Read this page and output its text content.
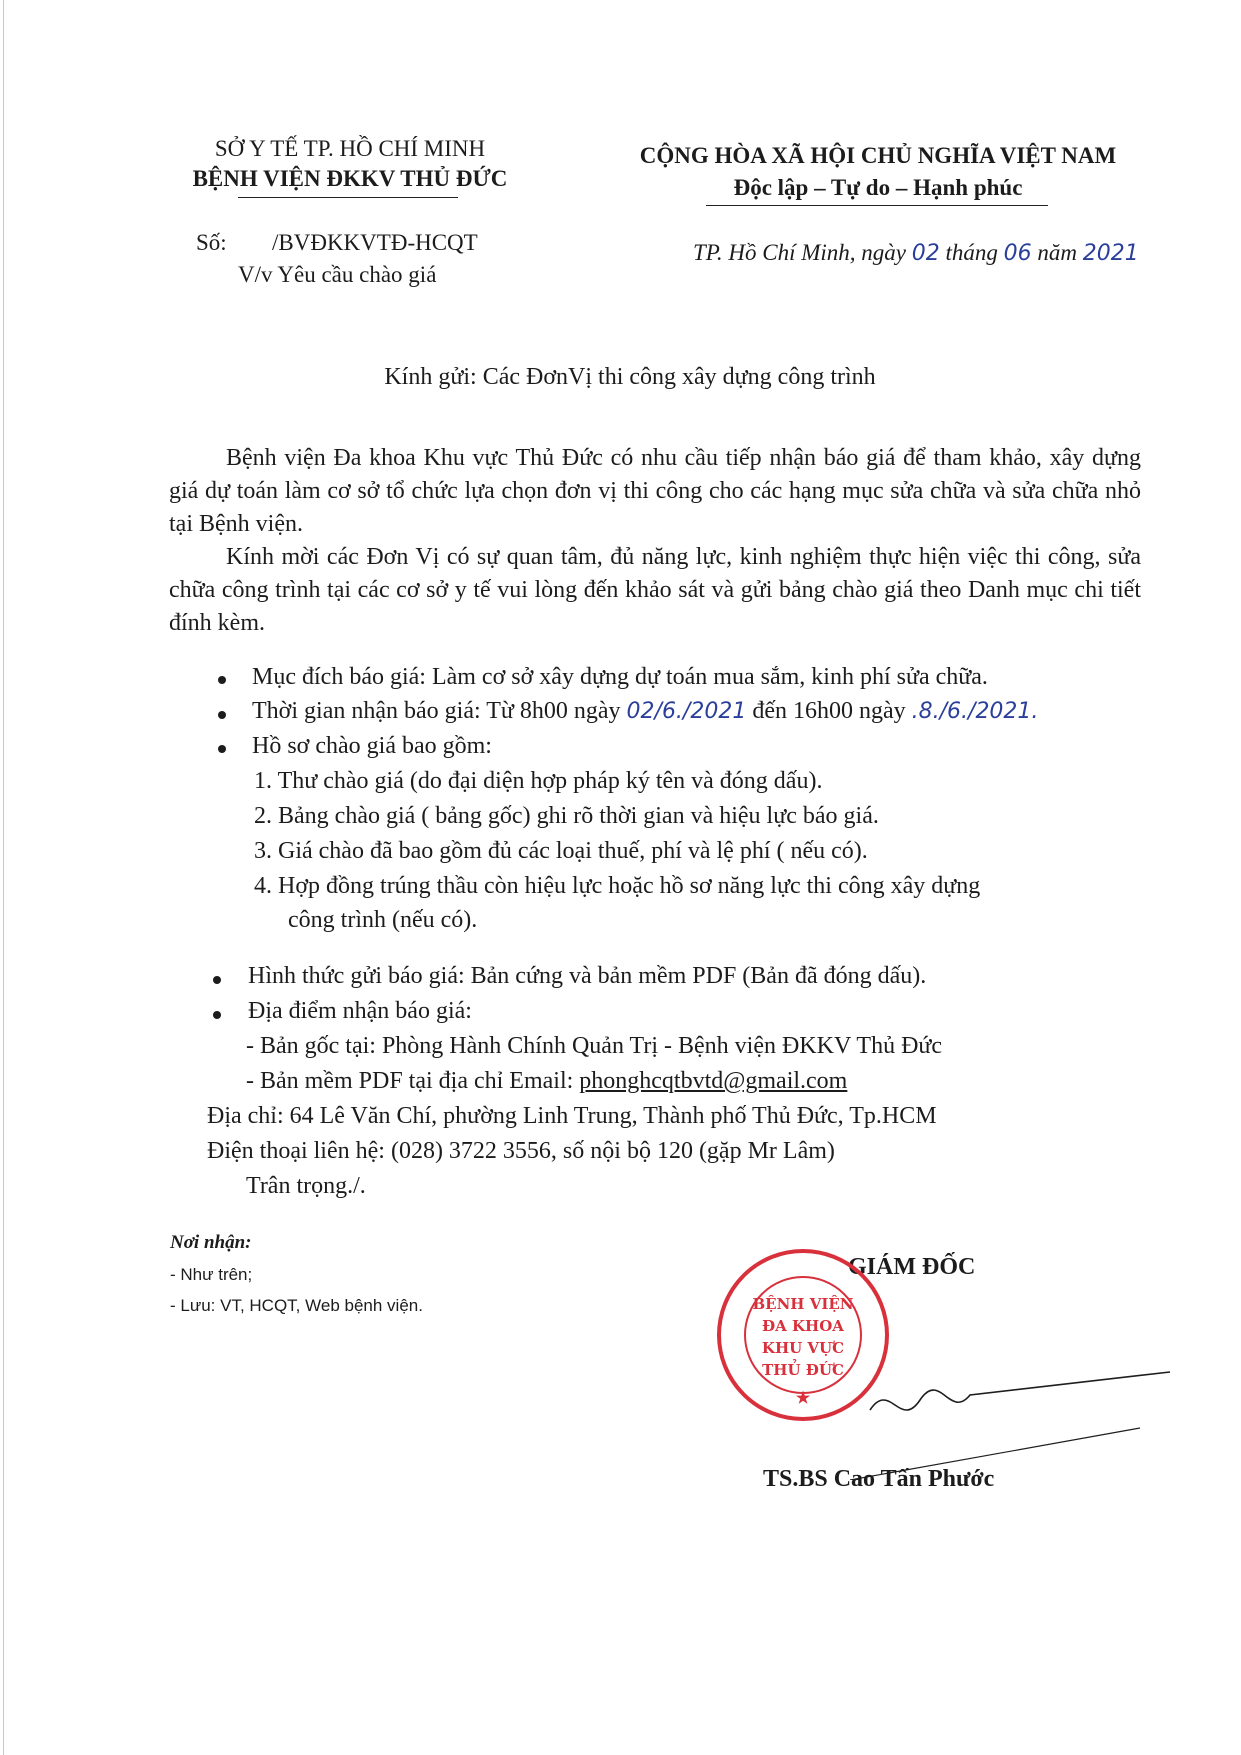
SỞ Y TẾ TP. HỒ CHÍ MINH
BỆNH VIỆN ĐKKV THỦ ĐỨC
Số: /BVĐKKVTĐ-HCQT
V/v Yêu cầu chào giá
CỘNG HÒA XÃ HỘI CHỦ NGHĨA VIỆT NAM
Độc lập – Tự do – Hạnh phúc
TP. Hồ Chí Minh, ngày 02 tháng 06 năm 2021
Kính gửi: Các ĐơnVị thi công xây dựng công trình
Bệnh viện Đa khoa Khu vực Thủ Đức có nhu cầu tiếp nhận báo giá để tham khảo, xây dựng giá dự toán làm cơ sở tổ chức lựa chọn đơn vị thi công cho các hạng mục sửa chữa và sửa chữa nhỏ tại Bệnh viện.
Kính mời các Đơn Vị có sự quan tâm, đủ năng lực, kinh nghiệm thực hiện việc thi công, sửa chữa công trình tại các cơ sở y tế vui lòng đến khảo sát và gửi bảng chào giá theo Danh mục chi tiết đính kèm.
Mục đích báo giá: Làm cơ sở xây dựng dự toán mua sắm, kinh phí sửa chữa.
Thời gian nhận báo giá: Từ 8h00 ngày 02/6./2021 đến 16h00 ngày .8./6./2021.
Hồ sơ chào giá bao gồm:
1. Thư chào giá (do đại diện hợp pháp ký tên và đóng dấu).
2. Bảng chào giá ( bảng gốc) ghi rõ thời gian và hiệu lực báo giá.
3. Giá chào đã bao gồm đủ các loại thuế, phí và lệ phí ( nếu có).
4. Hợp đồng trúng thầu còn hiệu lực hoặc hồ sơ năng lực thi công xây dựng
công trình (nếu có).
Hình thức gửi báo giá: Bản cứng và bản mềm PDF (Bản đã đóng dấu).
Địa điểm nhận báo giá:
- Bản gốc tại: Phòng Hành Chính Quản Trị - Bệnh viện ĐKKV Thủ Đức
- Bản mềm PDF tại địa chỉ Email: phonghcqtbvtd@gmail.com
Địa chỉ: 64 Lê Văn Chí, phường Linh Trung, Thành phố Thủ Đức, Tp.HCM
Điện thoại liên hệ: (028) 3722 3556, số nội bộ 120 (gặp Mr Lâm)
Trân trọng./.
Nơi nhận:
- Như trên;
- Lưu: VT, HCQT, Web bệnh viện.
GIÁM ĐỐC
BỆNH VIỆN
ĐA KHOA
KHU VỰC
THỦ ĐỨC
★
TS.BS Cao Tấn Phước
